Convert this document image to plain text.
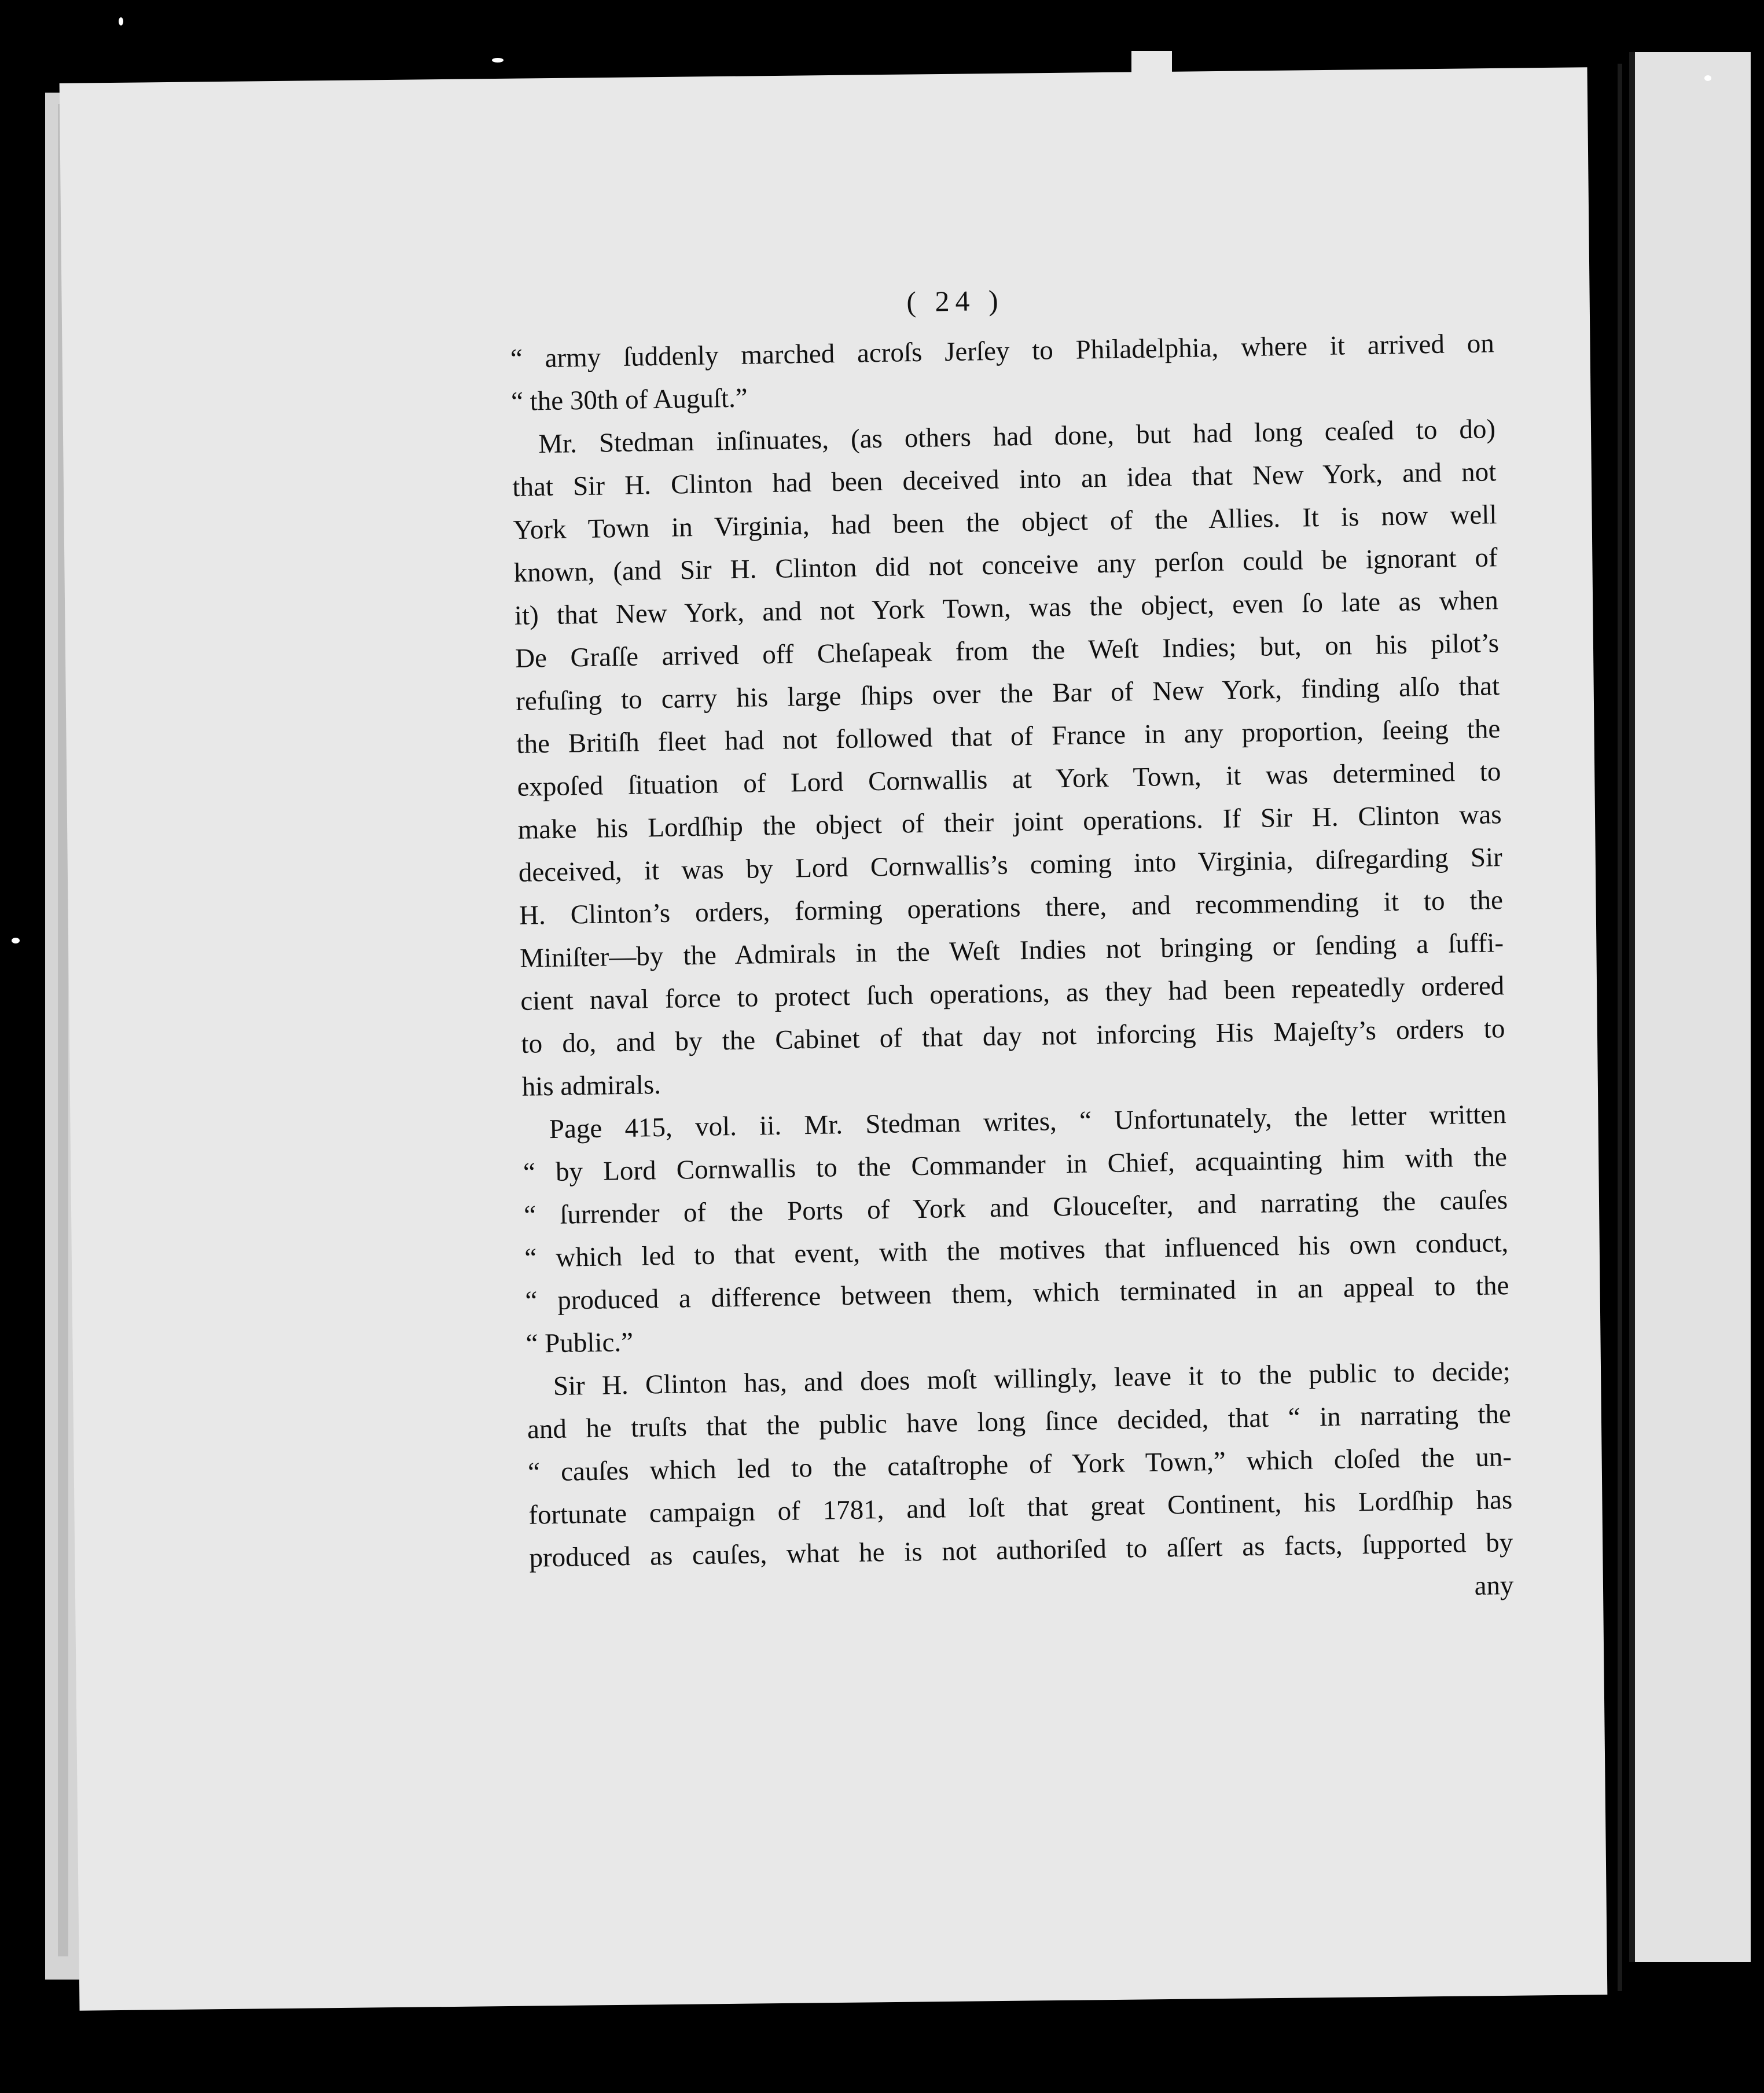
( 24 )
“ army ſuddenly marched acroſs Jerſey to Philadelphia, where it arrived on
“ the 30th of Auguſt.”
Mr. Stedman inſinuates, (as others had done, but had long ceaſed to do)
that Sir H. Clinton had been deceived into an idea that New York, and not
York Town in Virginia, had been the object of the Allies. It is now well
known, (and Sir H. Clinton did not conceive any perſon could be ignorant of
it) that New York, and not York Town, was the object, even ſo late as when
De Graſſe arrived off Cheſapeak from the Weſt Indies; but, on his pilot’s
refuſing to carry his large ſhips over the Bar of New York, finding alſo that
the Britiſh fleet had not followed that of France in any proportion, ſeeing the
expoſed ſituation of Lord Cornwallis at York Town, it was determined to
make his Lordſhip the object of their joint operations. If Sir H. Clinton was
deceived, it was by Lord Cornwallis’s coming into Virginia, diſregarding Sir
H. Clinton’s orders, forming operations there, and recommending it to the
Miniſter—by the Admirals in the Weſt Indies not bringing or ſending a ſuffi-
cient naval force to protect ſuch operations, as they had been repeatedly ordered
to do, and by the Cabinet of that day not inforcing His Majeſty’s orders to
his admirals.
Page 415, vol. ii. Mr. Stedman writes, “ Unfortunately, the letter written
“ by Lord Cornwallis to the Commander in Chief, acquainting him with the
“ ſurrender of the Ports of York and Glouceſter, and narrating the cauſes
“ which led to that event, with the motives that influenced his own conduct,
“ produced a difference between them, which terminated in an appeal to the
“ Public.”
Sir H. Clinton has, and does moſt willingly, leave it to the public to decide;
and he truſts that the public have long ſince decided, that “ in narrating the
“ cauſes which led to the cataſtrophe of York Town,” which cloſed the un-
fortunate campaign of 1781, and loſt that great Continent, his Lordſhip has
produced as cauſes, what he is not authoriſed to aſſert as facts, ſupported by
any
